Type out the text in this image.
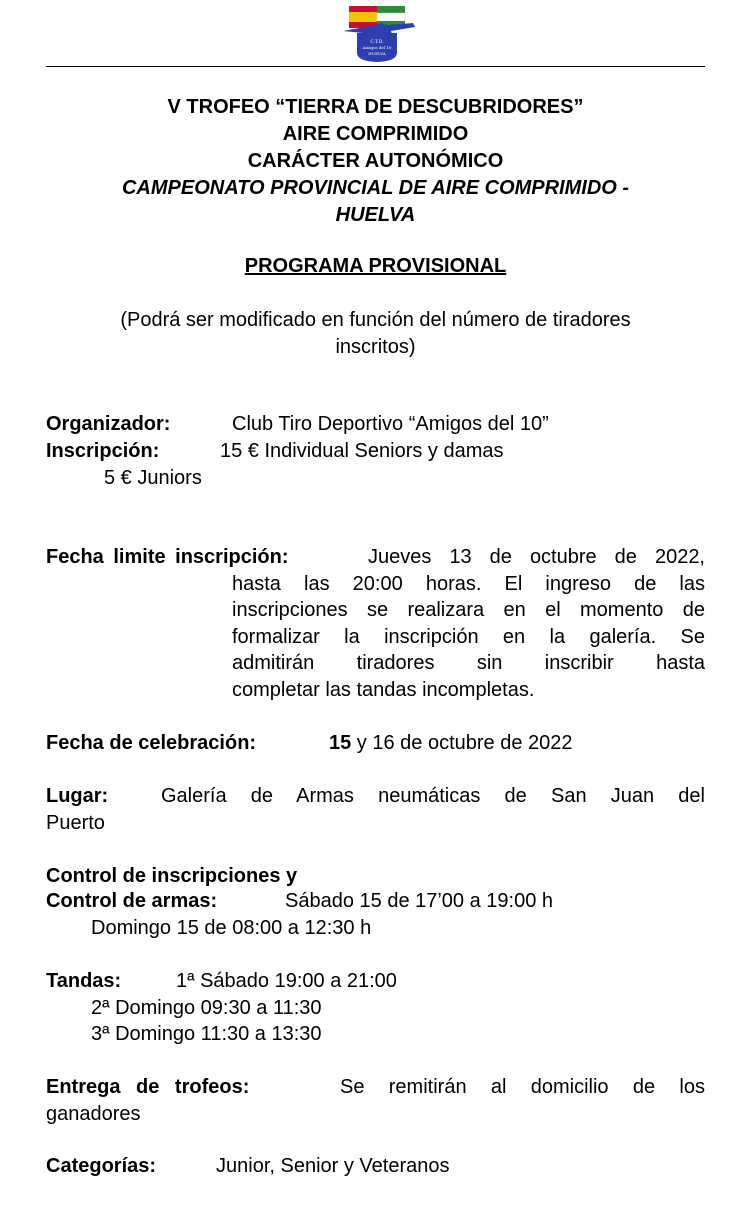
C.T.D.
Amigos del 10
HUELVA
V TROFEO “TIERRA DE DESCUBRIDORES”
AIRE COMPRIMIDO
CARÁCTER AUTONÓMICO
CAMPEONATO PROVINCIAL DE AIRE COMPRIMIDO -
HUELVA
PROGRAMA PROVISIONAL
(Podrá ser modificado en función del número de tiradores
inscritos)
Organizador:	Club Tiro Deportivo “Amigos del 10”
Inscripción:	15 € Individual Seniors y damas
5 € Juniors
Fecha limite inscripción:	Jueves 13 de octubre de 2022,
hasta las 20:00 horas. El ingreso de las
inscripciones se realizara en el momento de
formalizar la inscripción en la galería. Se
admitirán tiradores sin inscribir hasta
completar las tandas incompletas.
Fecha de celebración:	15 y 16 de octubre de 2022
Lugar:	Galería de Armas neumáticas de San Juan del
Puerto
Control de inscripciones y
Control de armas:	Sábado 15 de 17’00 a 19:00 h
Domingo 15 de 08:00 a 12:30 h
Tandas:	1ª Sábado 19:00 a 21:00
2ª Domingo 09:30 a 11:30
3ª Domingo 11:30 a 13:30
Entrega de trofeos:	Se remitirán al domicilio de los
ganadores
Categorías:	Junior, Senior y Veteranos
